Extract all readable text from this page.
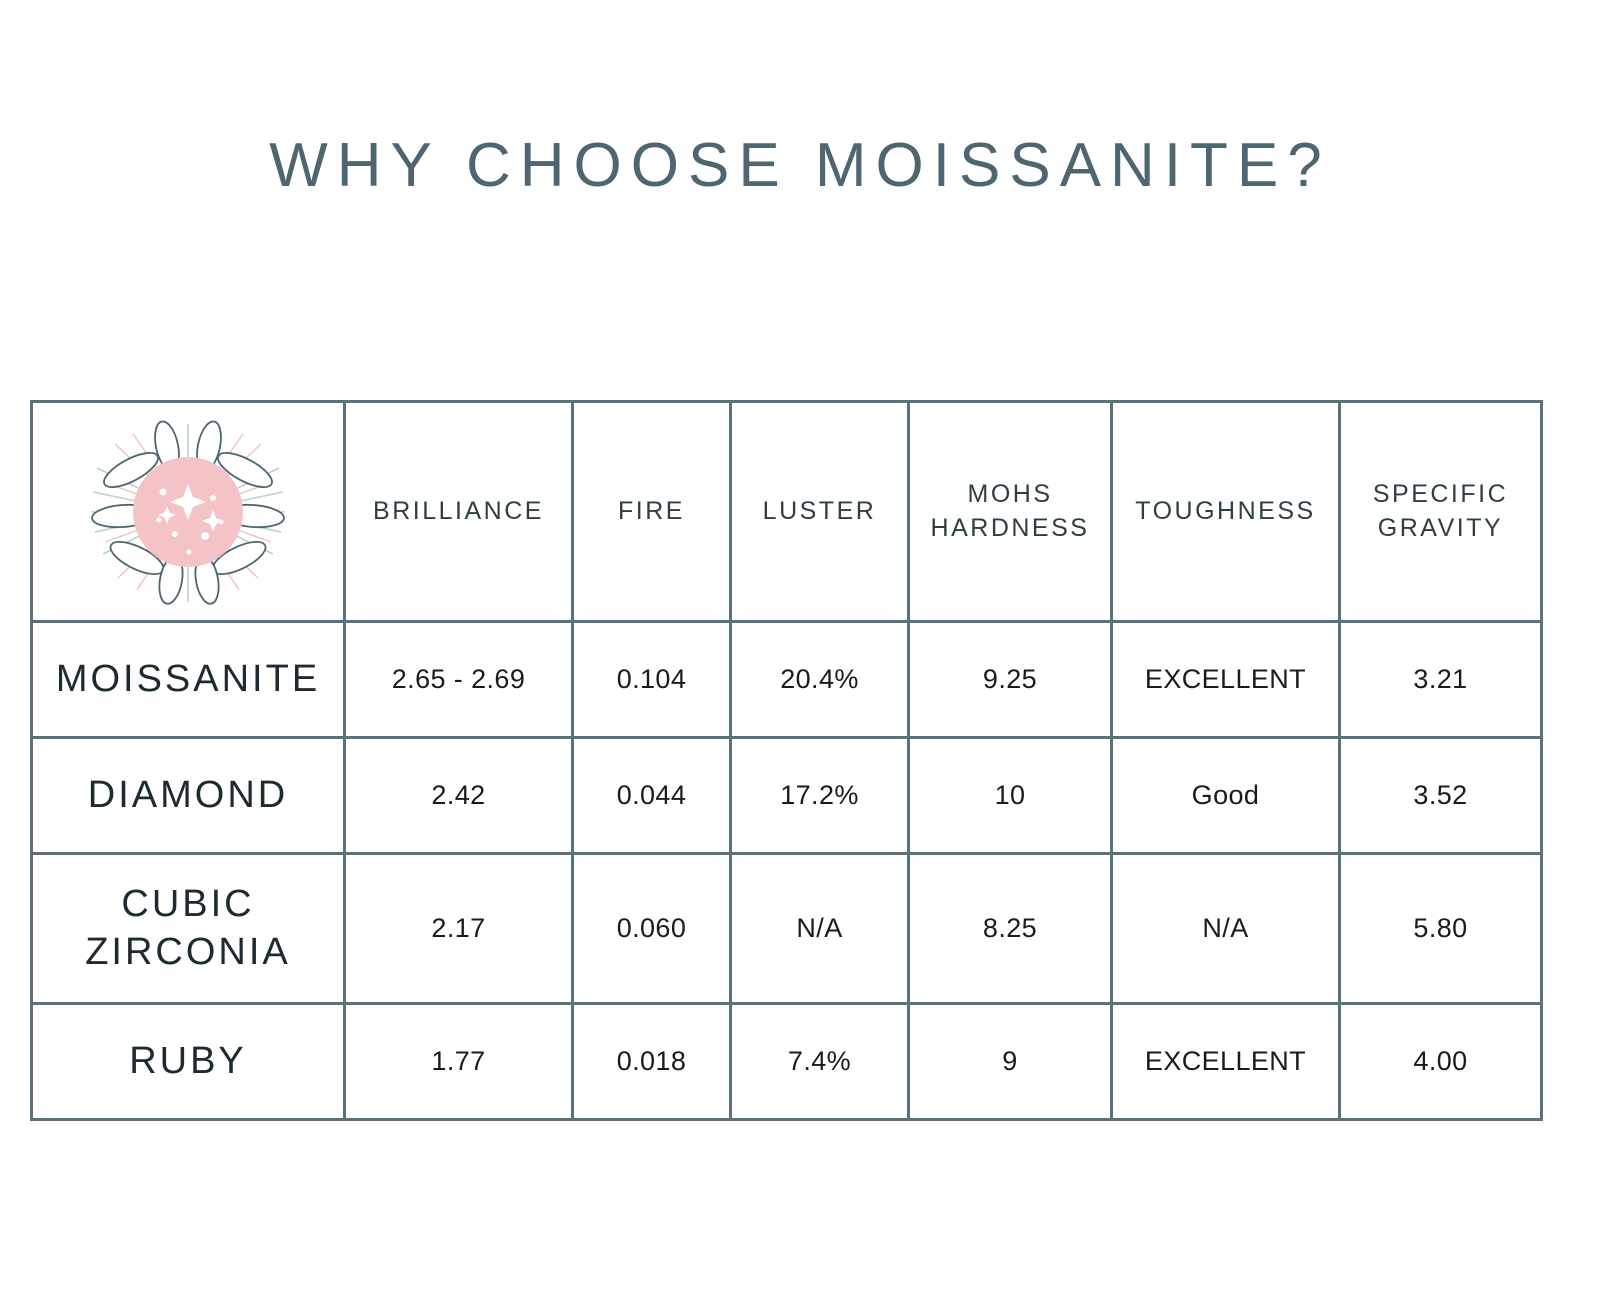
WHY CHOOSE MOISSANITE?
	BRILLIANCE	FIRE	LUSTER	MOHS HARDNESS	TOUGHNESS	SPECIFIC GRAVITY
MOISSANITE	2.65 - 2.69	0.104	20.4%	9.25	EXCELLENT	3.21
DIAMOND	2.42	0.044	17.2%	10	Good	3.52
CUBIC ZIRCONIA	2.17	0.060	N/A	8.25	N/A	5.80
RUBY	1.77	0.018	7.4%	9	EXCELLENT	4.00
